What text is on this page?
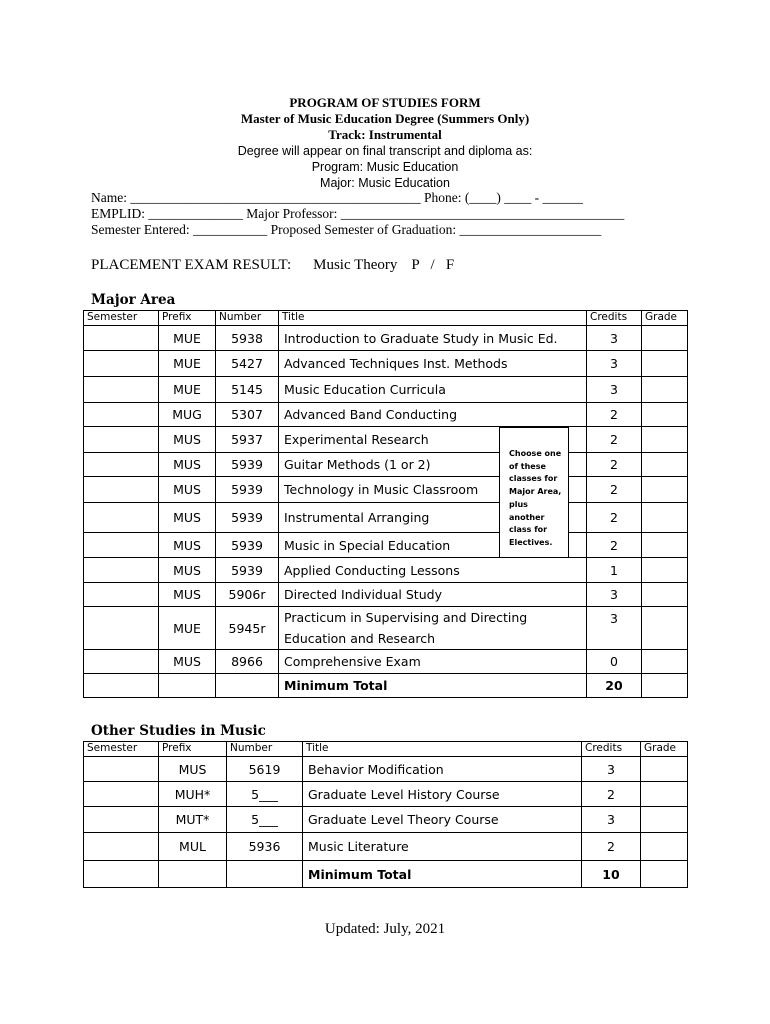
PROGRAM OF STUDIES FORM
Master of Music Education Degree (Summers Only)
Track: Instrumental
Degree will appear on final transcript and diploma as:
Program: Music Education
Major: Music Education
Name: ___________________________________________ Phone: (____) ____ - ______
EMPLID: ______________ Major Professor: __________________________________________
Semester Entered: ___________ Proposed Semester of Graduation: _____________________
PLACEMENT EXAM RESULT: Music Theory P   /   F
Major Area
Semester	Prefix	Number	Title	Credits	Grade
	MUE	5938	Introduction to Graduate Study in Music Ed.	3	
	MUE	5427	Advanced Techniques Inst. Methods	3	
	MUE	5145	Music Education Curricula	3	
	MUG	5307	Advanced Band Conducting	2	
	MUS	5937	Experimental Research	2	
	MUS	5939	Guitar Methods (1 or 2)	2	
	MUS	5939	Technology in Music Classroom	2	
	MUS	5939	Instrumental Arranging	2	
	MUS	5939	Music in Special Education	2	
	MUS	5939	Applied Conducting Lessons	1	
	MUS	5906r	Directed Individual Study	3	
	MUE	5945r	Practicum in Supervising and Directing
Education and Research	3	
	MUS	8966	Comprehensive Exam	0	
			Minimum Total	20	
Choose one
of these
classes for
Major Area,
plus
another
class for
Electives.
Other Studies in Music
Semester	Prefix	Number	Title	Credits	Grade
	MUS	5619	Behavior Modification	3	
	MUH*	5___	Graduate Level History Course	2	
	MUT*	5___	Graduate Level Theory Course	3	
	MUL	5936	Music Literature	2	
			Minimum Total	10	
Updated: July, 2021
